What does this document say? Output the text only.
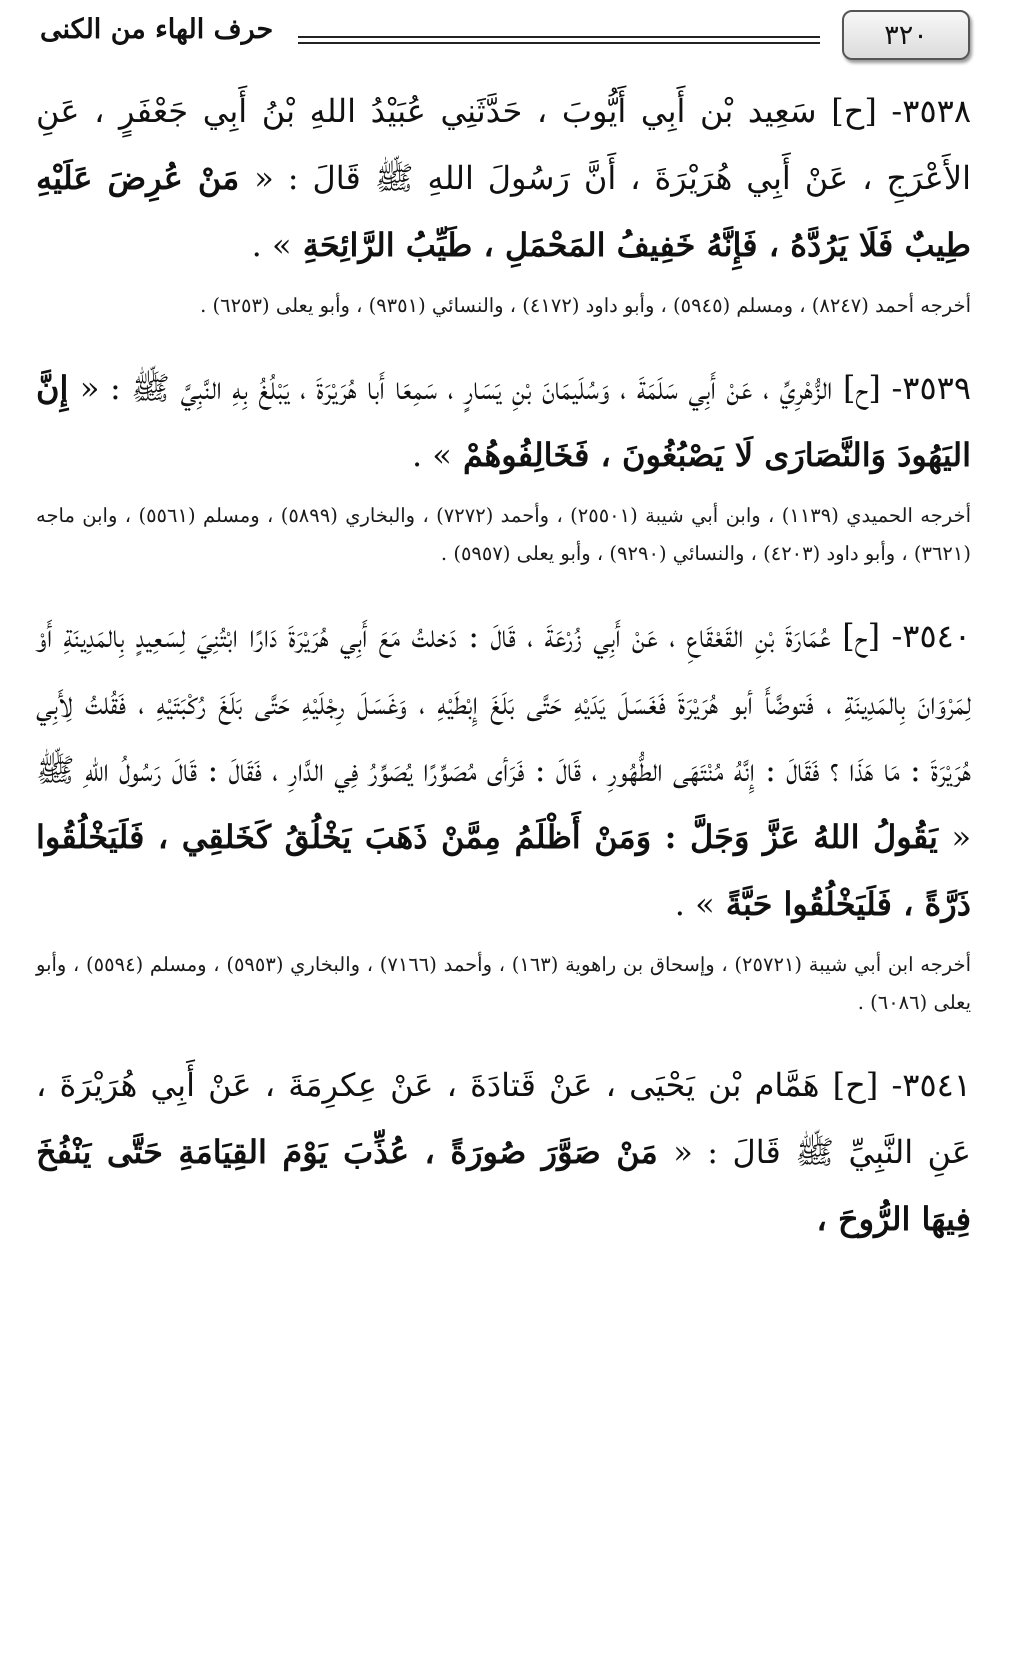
٣٢٠
حرف الهاء من الكنى

٣٥٣٨- [ح] سَعِيد بْن أَبِي أَيُّوبَ ، حَدَّثَنِي عُبَيْدُ اللهِ بْنُ أَبِي جَعْفَرٍ ، عَنِ الأَعْرَجِ ، عَنْ أَبِي هُرَيْرَةَ ، أَنَّ رَسُولَ اللهِ ﷺ قَالَ : « مَنْ عُرِضَ عَلَيْهِ طِيبٌ فَلَا يَرُدَّهُ ، فَإِنَّهُ خَفِيفُ المَحْمَلِ ، طَيِّبُ الرَّائِحَةِ » .

أخرجه أحمد (٨٢٤٧) ، ومسلم (٥٩٤٥) ، وأبو داود (٤١٧٢) ، والنسائي (٩٣٥١) ، وأبو يعلى (٦٢٥٣) .

٣٥٣٩- [ح] الزُّهْرِيِّ ، عَنْ أَبِي سَلَمَةَ ، وَسُلَيمَانَ بْنِ يَسَارٍ ، سَمِعَا أَبا هُرَيْرَةَ ، يَبْلُغُ بِهِ النَّبِيَّ ﷺ : « إِنَّ اليَهُودَ وَالنَّصَارَى لَا يَصْبُغُونَ ، فَخَالِفُوهُمْ » .

أخرجه الحميدي (١١٣٩) ، وابن أبي شيبة (٢٥٥٠١) ، وأحمد (٧٢٧٢) ، والبخاري (٥٨٩٩) ، ومسلم (٥٥٦١) ، وابن ماجه (٣٦٢١) ، وأبو داود (٤٢٠٣) ، والنسائي (٩٢٩٠) ، وأبو يعلى (٥٩٥٧) .

٣٥٤٠- [ح] عُمَارَةَ بْنِ القَعْقَاعِ ، عَنْ أَبِي زُرْعَةَ ، قَالَ : دَخلتُ مَعَ أَبِي هُرَيْرَةَ دَارًا ابْتُنِيَ لِسَعِيدٍ بِالمَدِينَةِ أَوْ لِمَرْوَانَ بِالمَدِينَةِ ، فَتوضَّأَ أبو هُرَيْرَةَ فَغَسَلَ يَدَيْهِ حَتَّى بَلَغَ إِبْطَيْهِ ، وَغَسَلَ رِجْلَيْهِ حَتَّى بَلَغَ رُكْبَتَيْهِ ، فَقُلتُ لِأَبِي هُرَيْرَةَ : مَا هَذَا ؟ فَقَالَ : إِنَّهُ مُنْتَهَى الطُّهُورِ ، قَالَ : فَرَأى مُصَوِّرًا يُصَوِّرُ فِي الدَّارِ ، فَقَالَ : قَالَ رَسُولُ اللهِ ﷺ « يَقُولُ اللهُ عَزَّ وَجَلَّ : وَمَنْ أَظْلَمُ مِمَّنْ ذَهَبَ يَخْلُقُ كَخَلقِي ، فَلَيَخْلُقُوا ذَرَّةً ، فَلَيَخْلُقُوا حَبَّةً » .

أخرجه ابن أبي شيبة (٢٥٧٢١) ، وإسحاق بن راهوية (١٦٣) ، وأحمد (٧١٦٦) ، والبخاري (٥٩٥٣) ، ومسلم (٥٥٩٤) ، وأبو يعلى (٦٠٨٦) .

٣٥٤١- [ح] هَمَّام بْن يَحْيَى ، عَنْ قَتادَةَ ، عَنْ عِكرِمَةَ ، عَنْ أَبِي هُرَيْرَةَ ، عَنِ النَّبِيِّ ﷺ قَالَ : « مَنْ صَوَّرَ صُورَةً ، عُذِّبَ يَوْمَ القِيَامَةِ حَتَّى يَنْفُخَ فِيهَا الرُّوحَ ،
